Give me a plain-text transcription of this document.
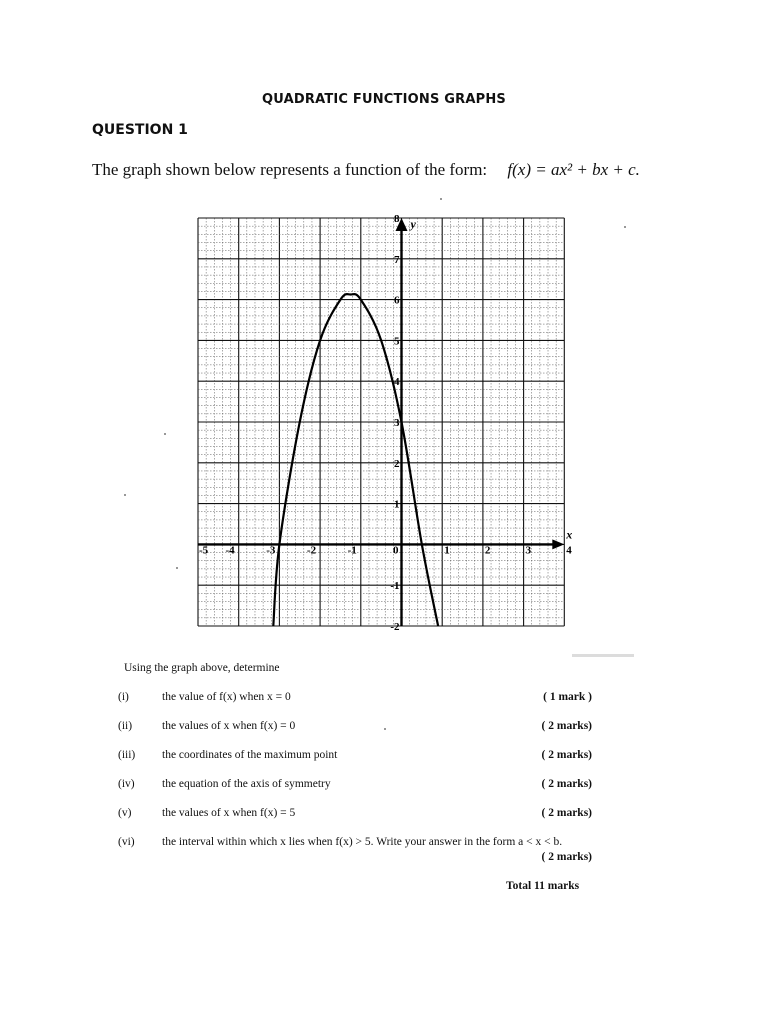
QUADRATIC FUNCTIONS GRAPHS
QUESTION 1
The graph shown below represents a function of the form: f(x) = ax² + bx + c.
x
y
-5 -4	-3	-2	-1	0	1	2	3	4
-2
-1
1
2
3
4
5
6
7
8
Using the graph above, determine
(i)	the value of f(x) when x = 0	( 1 mark )
(ii)	the values of x when f(x) = 0	( 2 marks)
(iii) the coordinates of the maximum point	( 2 marks)
(iv) the equation of the axis of symmetry	( 2 marks)
(v)	the values of x when f(x) = 5	( 2 marks)
(vi) the interval within which x lies when f(x) > 5. Write your answer in the form a < x < b.
( 2 marks)
Total 11 marks
